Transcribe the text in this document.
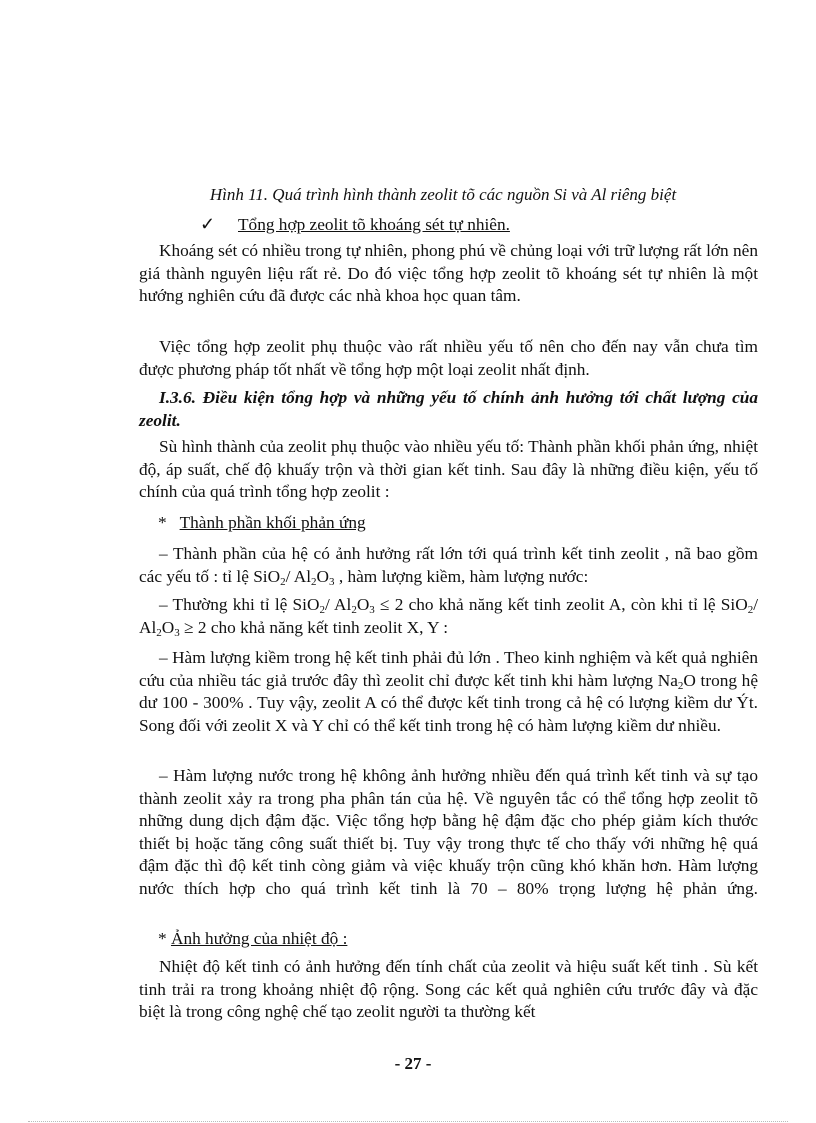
Hình 11. Quá trình hình thành zeolit tõ các nguồn Si và Al riêng biệt
✓ Tổng hợp zeolit tõ khoáng sét tự nhiên.

Khoáng sét có nhiều trong tự nhiên, phong phú về chủng loại với trữ lượng rất lớn nên giá thành nguyên liệu rất rẻ. Do đó việc tổng hợp zeolit tõ khoáng sét tự nhiên là một hướng nghiên cứu đã được các nhà khoa học quan tâm.

Việc tổng hợp zeolit phụ thuộc vào rất nhiều yếu tố nên cho đến nay vẫn chưa tìm được phương pháp tốt nhất về tổng hợp một loại zeolit nhất định.

I.3.6. Điều kiện tổng hợp và những yếu tố chính ảnh hưởng tới chất lượng của zeolit.

Sù hình thành của zeolit phụ thuộc vào nhiều yếu tố: Thành phần khối phản ứng, nhiệt độ, áp suất, chế độ khuấy trộn và thời gian kết tinh. Sau đây là những điều kiện, yếu tố chính của quá trình tổng hợp zeolit :

* Thành phần khối phản ứng

– Thành phần của hệ có ảnh hưởng rất lớn tới quá trình kết tinh zeolit , nã bao gồm các yếu tố : tỉ lệ SiO$_2$/ $Al_2O_3$ , hàm lượng kiềm, hàm lượng nước:

– Thường khi tỉ lệ SiO$_2$/ $Al_2O_3 \le 2$ cho khả năng kết tinh zeolit A, còn khi tỉ lệ SiO$_2$/ $Al_2O_3 \ge 2$ cho khả năng kết tinh zeolit X, Y :

– Hàm lượng kiềm trong hệ kết tinh phải đủ lớn . Theo kinh nghiệm và kết quả nghiên cứu của nhiều tác giả trước đây thì zeolit chỉ được kết tinh khi hàm lượng $Na_2O$ trong hệ dư 100 - 300% . Tuy vậy, zeolit A có thể được kết tinh trong cả hệ có lượng kiềm dư Ýt. Song đối với zeolit X và Y chỉ có thể kết tinh trong hệ có hàm lượng kiềm dư nhiều.

– Hàm lượng nước trong hệ không ảnh hưởng nhiều đến quá trình kết tinh và sự tạo thành zeolit xảy ra trong pha phân tán của hệ. Về nguyên tắc có thể tổng hợp zeolit tõ những dung dịch đậm đặc. Việc tổng hợp bằng hệ đậm đặc cho phép giảm kích thước thiết bị hoặc tăng công suất thiết bị. Tuy vậy trong thực tế cho thấy với những hệ quá đậm đặc thì độ kết tinh còng giảm và việc khuấy trộn cũng khó khăn hơn. Hàm lượng nước thích hợp cho quá trình kết tinh là 70 – 80% trọng lượng hệ phản ứng.

* Ảnh hưởng của nhiệt độ :

Nhiệt độ kết tinh có ảnh hưởng đến tính chất của zeolit và hiệu suất kết tinh . Sù kết tinh trải ra trong khoảng nhiệt độ rộng. Song các kết quả nghiên cứu trước đây và đặc biệt là trong công nghệ chế tạo zeolit người ta thường kết

- 27 -
